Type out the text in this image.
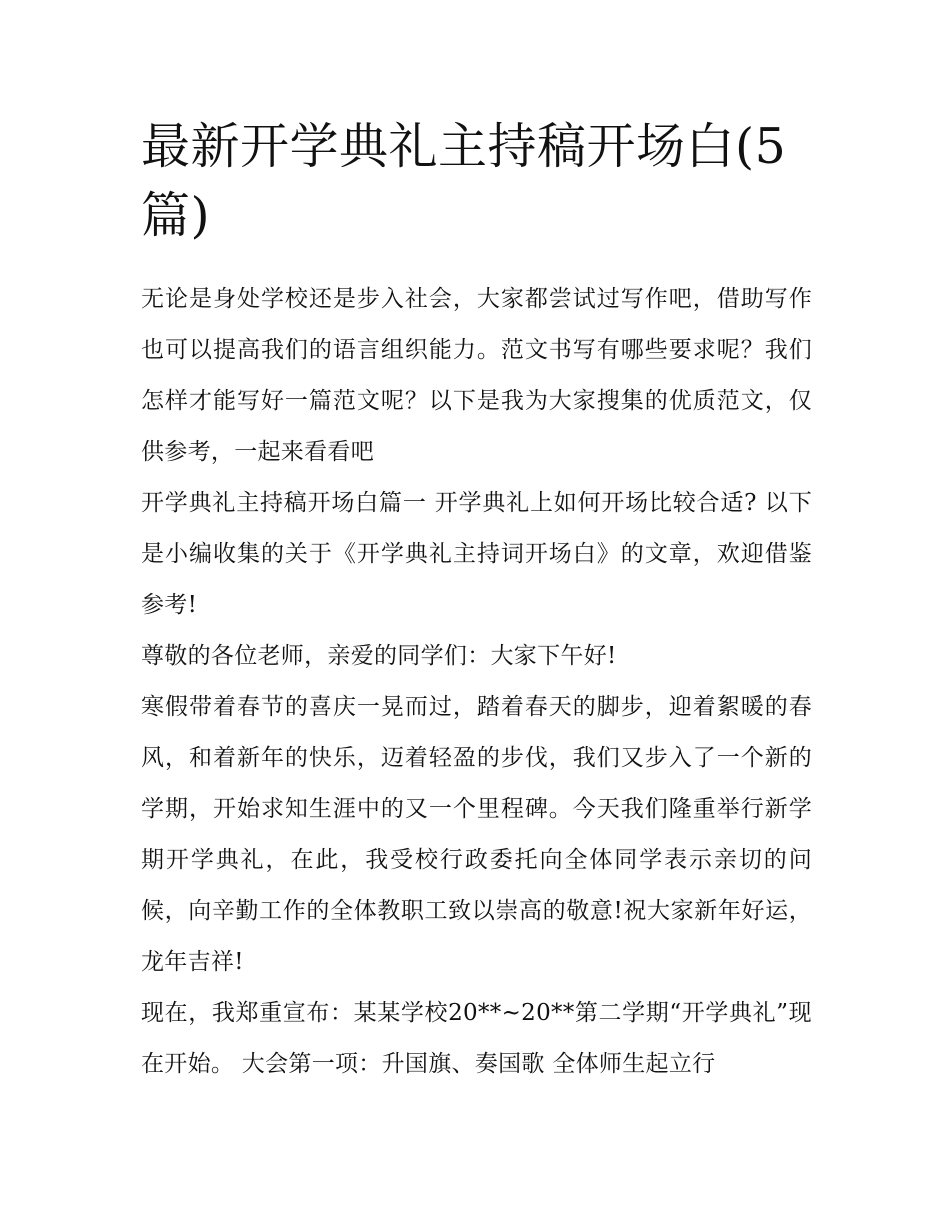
最新开学典礼主持稿开场白(5篇)

无论是身处学校还是步入社会，大家都尝试过写作吧，借助写作也可以提高我们的语言组织能力。范文书写有哪些要求呢？我们怎样才能写好一篇范文呢？以下是我为大家搜集的优质范文，仅供参考，一起来看看吧

开学典礼主持稿开场白篇一 开学典礼上如何开场比较合适? 以下是小编收集的关于《开学典礼主持词开场白》的文章，欢迎借鉴参考!

尊敬的各位老师，亲爱的同学们：大家下午好!

寒假带着春节的喜庆一晃而过，踏着春天的脚步，迎着絮暖的春风，和着新年的快乐，迈着轻盈的步伐，我们又步入了一个新的学期，开始求知生涯中的又一个里程碑。今天我们隆重举行新学期开学典礼，在此，我受校行政委托向全体同学表示亲切的问候，向辛勤工作的全体教职工致以崇高的敬意!祝大家新年好运，龙年吉祥!

现在，我郑重宣布：某某学校20**~20**第二学期“开学典礼”现在开始。 大会第一项：升国旗、奏国歌 全体师生起立行
